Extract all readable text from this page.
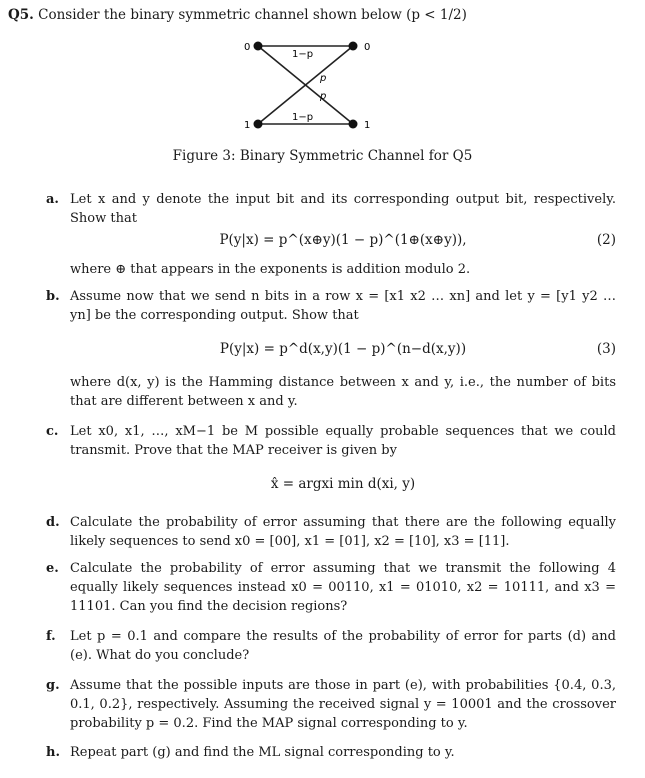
Q5. Consider the binary symmetric channel shown below (p < 1/2)
0
1
0
1
1−p
1−p
p
p
Figure 3: Binary Symmetric Channel for Q5
a. Let x and y denote the input bit and its corresponding output bit, respectively. Show that
P(y|x) = p^(x⊕y)(1 − p)^(1⊕(x⊕y)),	(2)
where ⊕ that appears in the exponents is addition modulo 2.
b. Assume now that we send n bits in a row x = [x1 x2 … xn] and let y = [y1 y2 … yn] be the corresponding output. Show that
P(y|x) = p^d(x,y)(1 − p)^(n−d(x,y))	(3)
where d(x, y) is the Hamming distance between x and y, i.e., the number of bits that are different between x and y.
c. Let x0, x1, …, xM−1 be M possible equally probable sequences that we could transmit. Prove that the MAP receiver is given by
x̂ = argxi min d(xi, y)
d. Calculate the probability of error assuming that there are the following equally likely sequences to send x0 = [00], x1 = [01], x2 = [10], x3 = [11].
e. Calculate the probability of error assuming that we transmit the following 4 equally likely sequences instead x0 = 00110, x1 = 01010, x2 = 10111, and x3 = 11101. Can you find the decision regions?
f. Let p = 0.1 and compare the results of the probability of error for parts (d) and (e). What do you conclude?
g. Assume that the possible inputs are those in part (e), with probabilities {0.4, 0.3, 0.1, 0.2}, respectively. Assuming the received signal y = 10001 and the crossover probability p = 0.2. Find the MAP signal corresponding to y.
h. Repeat part (g) and find the ML signal corresponding to y.
